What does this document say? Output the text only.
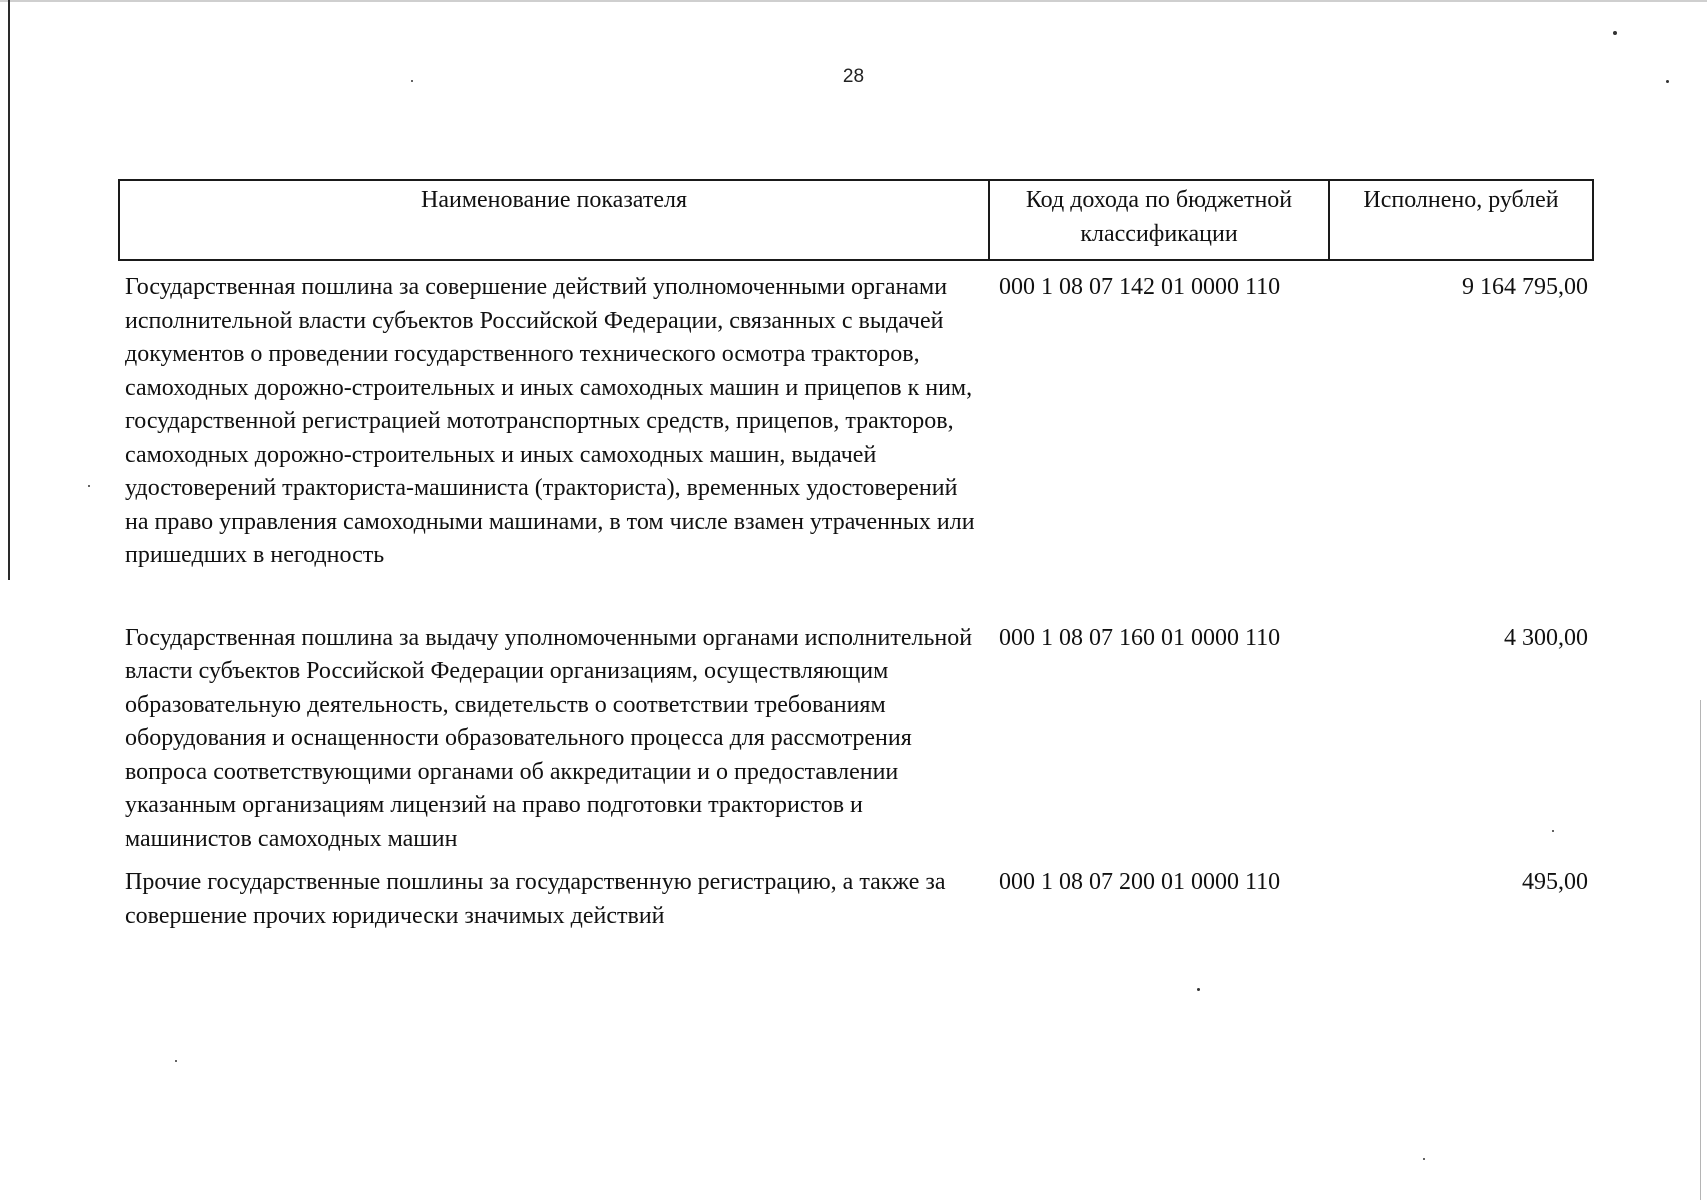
28
Наименование показателя	Код дохода по бюджетной классификации	Исполнено, рублей
Государственная пошлина за совершение действий уполномоченными органами исполнительной власти субъектов Российской Федерации, связанных с выдачей документов о проведении государственного технического осмотра тракторов, самоходных дорожно-строительных и иных самоходных машин и прицепов к ним, государственной регистрацией мототранспортных средств, прицепов, тракторов, самоходных дорожно-строительных и иных самоходных машин, выдачей удостоверений тракториста-машиниста (тракториста), временных удостоверений на право управления самоходными машинами, в том числе взамен утраченных или пришедших в негодность	000 1 08 07 142 01 0000 110	9 164 795,00
Государственная пошлина за выдачу уполномоченными органами исполнительной власти субъектов Российской Федерации организациям, осуществляющим образовательную деятельность, свидетельств о соответствии требованиям оборудования и оснащенности образовательного процесса для рассмотрения вопроса соответствующими органами об аккредитации и о предоставлении указанным организациям лицензий на право подготовки трактористов и машинистов самоходных машин	000 1 08 07 160 01 0000 110	4 300,00
Прочие государственные пошлины за государственную регистрацию, а также за совершение прочих юридически значимых действий	000 1 08 07 200 01 0000 110	495,00
